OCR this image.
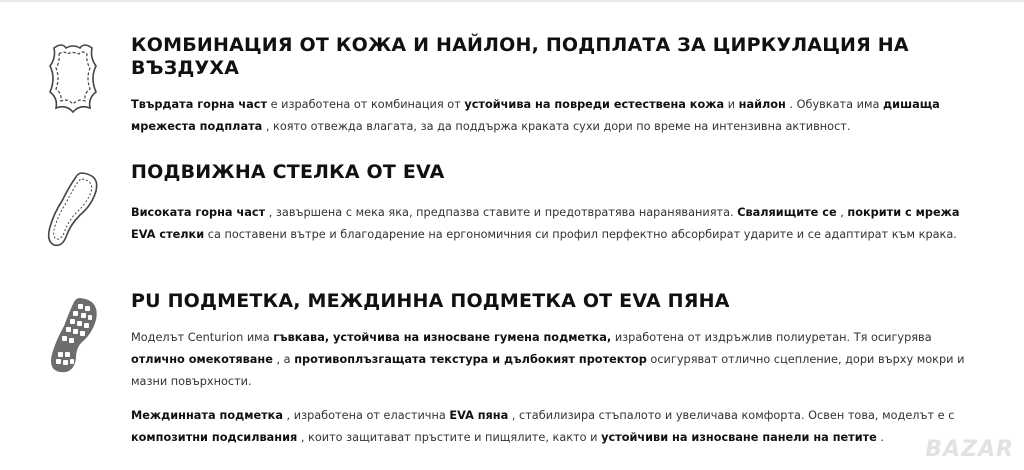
КОМБИНАЦИЯ ОТ КОЖА И НАЙЛОН, ПОДПЛАТА ЗА ЦИРКУЛАЦИЯ НА ВЪЗДУХА

Твърдата горна част е изработена от комбинация от устойчива на повреди естествена кожа и найлон . Обувката има дишаща мрежеста подплата , която отвежда влагата, за да поддържа краката сухи дори по време на интензивна активност.

ПОДВИЖНА СТЕЛКА ОТ EVA

Високата горна част , завършена с мека яка, предпазва ставите и предотвратява нараняванията. Сваляищите се , покрити с мрежа EVA стелки са поставени вътре и благодарение на ергономичния си профил перфектно абсорбират ударите и се адаптират към крака.

PU ПОДМЕТКА, МЕЖДИННА ПОДМЕТКА ОТ EVA ПЯНА

Моделът Centurion има гъвкава, устойчива на износване гумена подметка, изработена от издръжлив полиуретан. Тя осигурява отлично омекотяване , а противоплъзгащата текстура и дълбокият протектор осигуряват отлично сцепление, дори върху мокри и мазни повърхности.

Междинната подметка , изработена от еластична EVA пяна , стабилизира стъпалото и увеличава комфорта. Освен това, моделът е с композитни подсилвания , които защитават пръстите и пищялите, както и устойчиви на износване панели на петите .	BAZAR
